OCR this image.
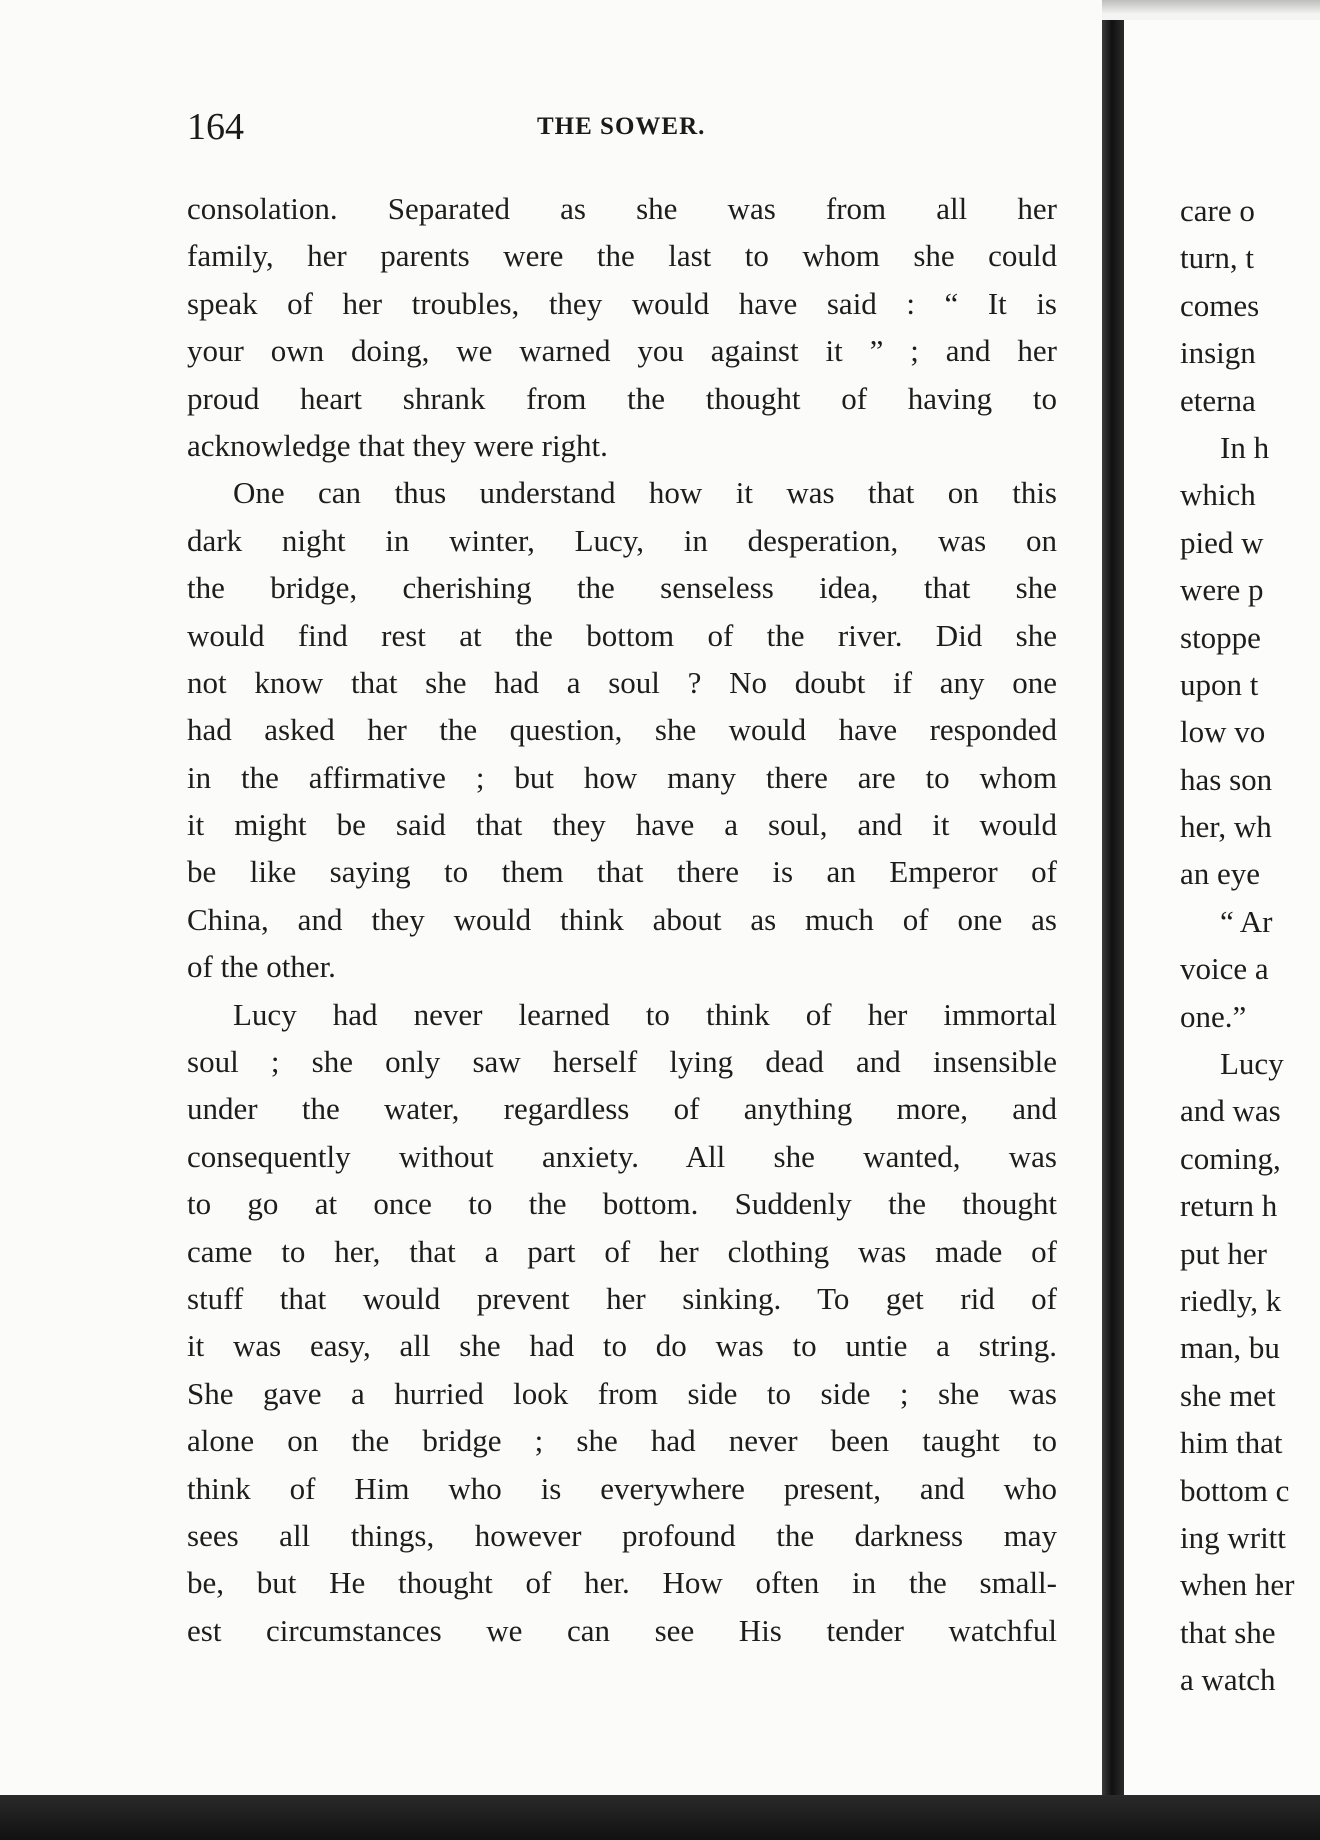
164	THE SOWER.
consolation. Separated as she was from all her
family, her parents were the last to whom she could
speak of her troubles, they would have said : “ It is
your own doing, we warned you against it ” ; and her
proud heart shrank from the thought of having to
acknowledge that they were right.
One can thus understand how it was that on this
dark night in winter, Lucy, in desperation, was on
the bridge, cherishing the senseless idea, that she
would find rest at the bottom of the river. Did she
not know that she had a soul ? No doubt if any one
had asked her the question, she would have responded
in the affirmative ; but how many there are to whom
it might be said that they have a soul, and it would
be like saying to them that there is an Emperor of
China, and they would think about as much of one as
of the other.
Lucy had never learned to think of her immortal
soul ; she only saw herself lying dead and insensible
under the water, regardless of anything more, and
consequently without anxiety. All she wanted, was
to go at once to the bottom. Suddenly the thought
came to her, that a part of her clothing was made of
stuff that would prevent her sinking. To get rid of
it was easy, all she had to do was to untie a string.
She gave a hurried look from side to side ; she was
alone on the bridge ; she had never been taught to
think of Him who is everywhere present, and who
sees all things, however profound the darkness may
be, but He thought of her. How often in the small-
est circumstances we can see His tender watchful
care o
turn, t
comes
insign
eterna
In h
which
pied w
were p
stoppe
upon t
low vo
has son
her, wh
an eye
“ Ar
voice a
one.”
Lucy
and was
coming,
return h
put her
riedly, k
man, bu
she met
him that
bottom c
ing writt
when her
that she
a watch
